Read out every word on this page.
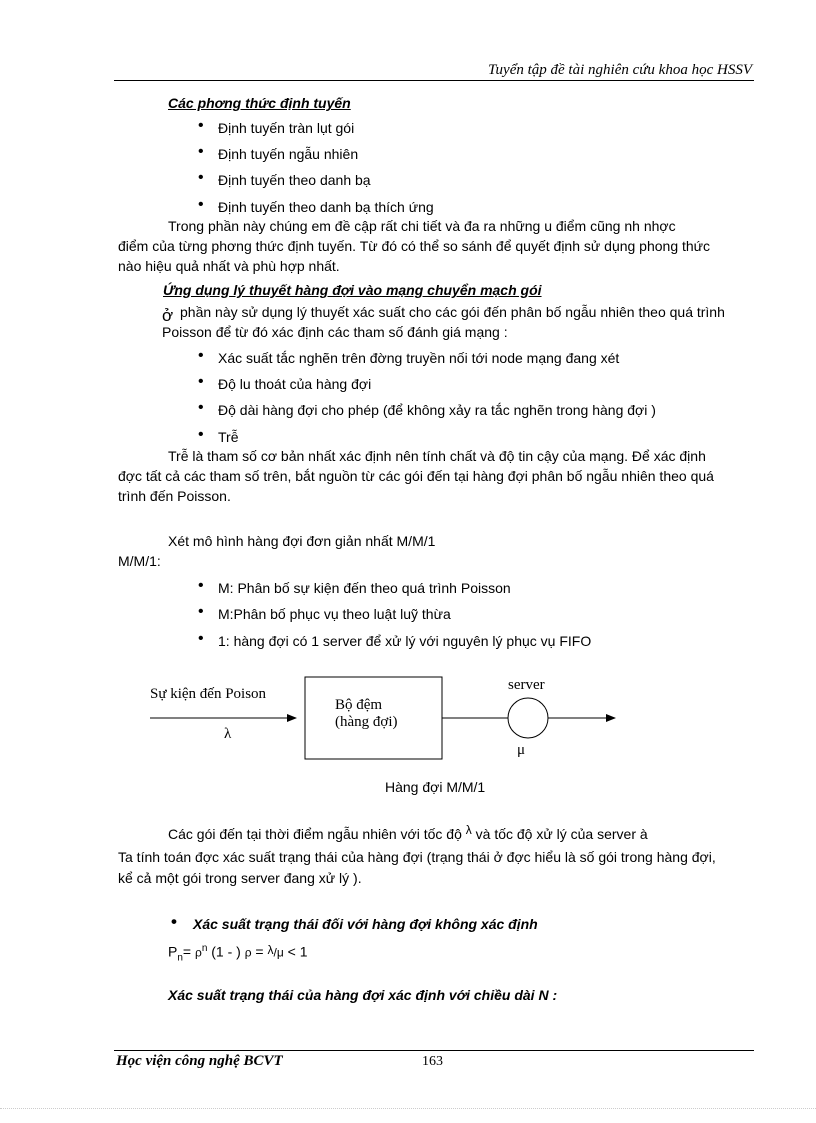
Tuyển tập đề tài nghiên cứu khoa học HSSV
Các phơng thức định tuyến
• Định tuyến tràn lụt gói
• Định tuyến ngẫu nhiên
• Định tuyến theo danh bạ
• Định tuyến theo danh bạ thích ứng
Trong phần này chúng em đề cập rất chi tiết và đa ra những u điểm cũng nh nhợc
điểm của từng phơng thức định tuyến. Từ đó có thể so sánh để quyết định sử dụng phong thức
nào hiệu quả nhất và phù hợp nhất.
Ứng dụng lý thuyết hàng đợi vào mạng chuyển mạch gói
ở phần này sử dụng lý thuyết xác suất cho các gói đến phân bố ngẫu nhiên theo quá trình
Poisson để từ đó xác định các tham số đánh giá mạng :
• Xác suất tắc nghẽn trên đờng truyền nối tới node mạng đang xét
• Độ lu thoát của hàng đợi
• Độ dài hàng đợi cho phép (để không xảy ra tắc nghẽn trong hàng đợi )
• Trễ
Trễ là tham số cơ bản nhất xác định nên tính chất và độ tin cậy của mạng. Để xác định
đợc tất cả các tham số trên, bắt nguồn từ các gói đến tại hàng đợi phân bố ngẫu nhiên theo quá
trình đến Poisson.
Xét mô hình hàng đợi đơn giản nhất M/M/1
M/M/1:
• M: Phân bố sự kiện đến theo quá trình Poisson
• M:Phân bố phục vụ theo luật luỹ thừa
• 1: hàng đợi có 1 server để xử lý với nguyên lý phục vụ FIFO
Sự kiện đến Poison
λ
Bộ đệm
(hàng đợi)
server
μ
Hàng đợi M/M/1
Các gói đến tại thời điểm ngẫu nhiên với tốc độ λ và tốc độ xử lý của server à
Ta tính toán đợc xác suất trạng thái của hàng đợi (trạng thái ở đợc hiểu là số gói trong hàng đợi,
kể cả một gói trong server đang xử lý ).
• Xác suất trạng thái đối với hàng đợi không xác định
$P_n= \rho^n$ (1 - ) ρ = λ/μ < 1
Xác suất trạng thái của hàng đợi xác định với chiều dài N :
Học viện công nghệ BCVT	163
